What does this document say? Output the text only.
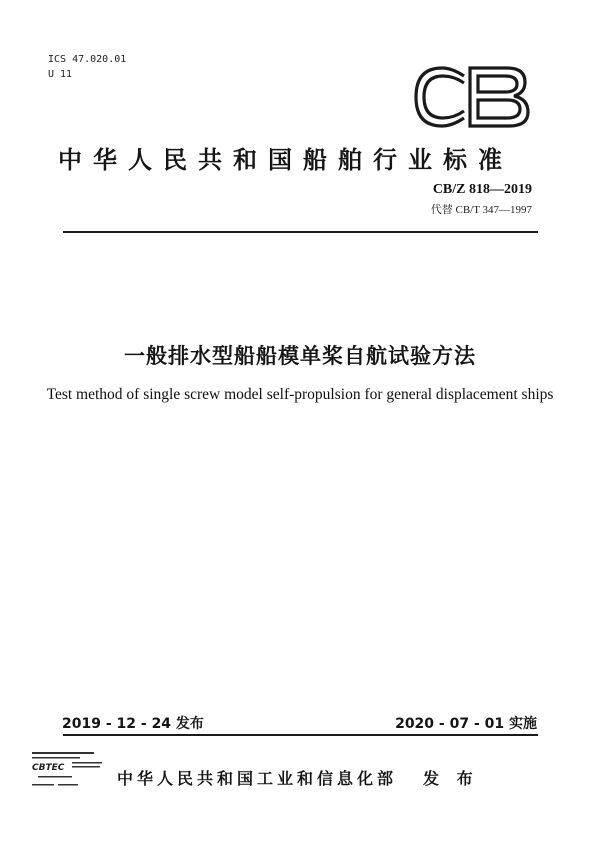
ICS 47.020.01
U 11
中华人民共和国船舶行业标准
CB/Z 818—2019
代替 CB/T 347—1997
一般排水型船船模单桨自航试验方法
Test method of single screw model self-propulsion for general displacement ships
2019 - 12 - 24 发布	2020 - 07 - 01 实施
CBTEC
中华人民共和国工业和信息化部 发 布
